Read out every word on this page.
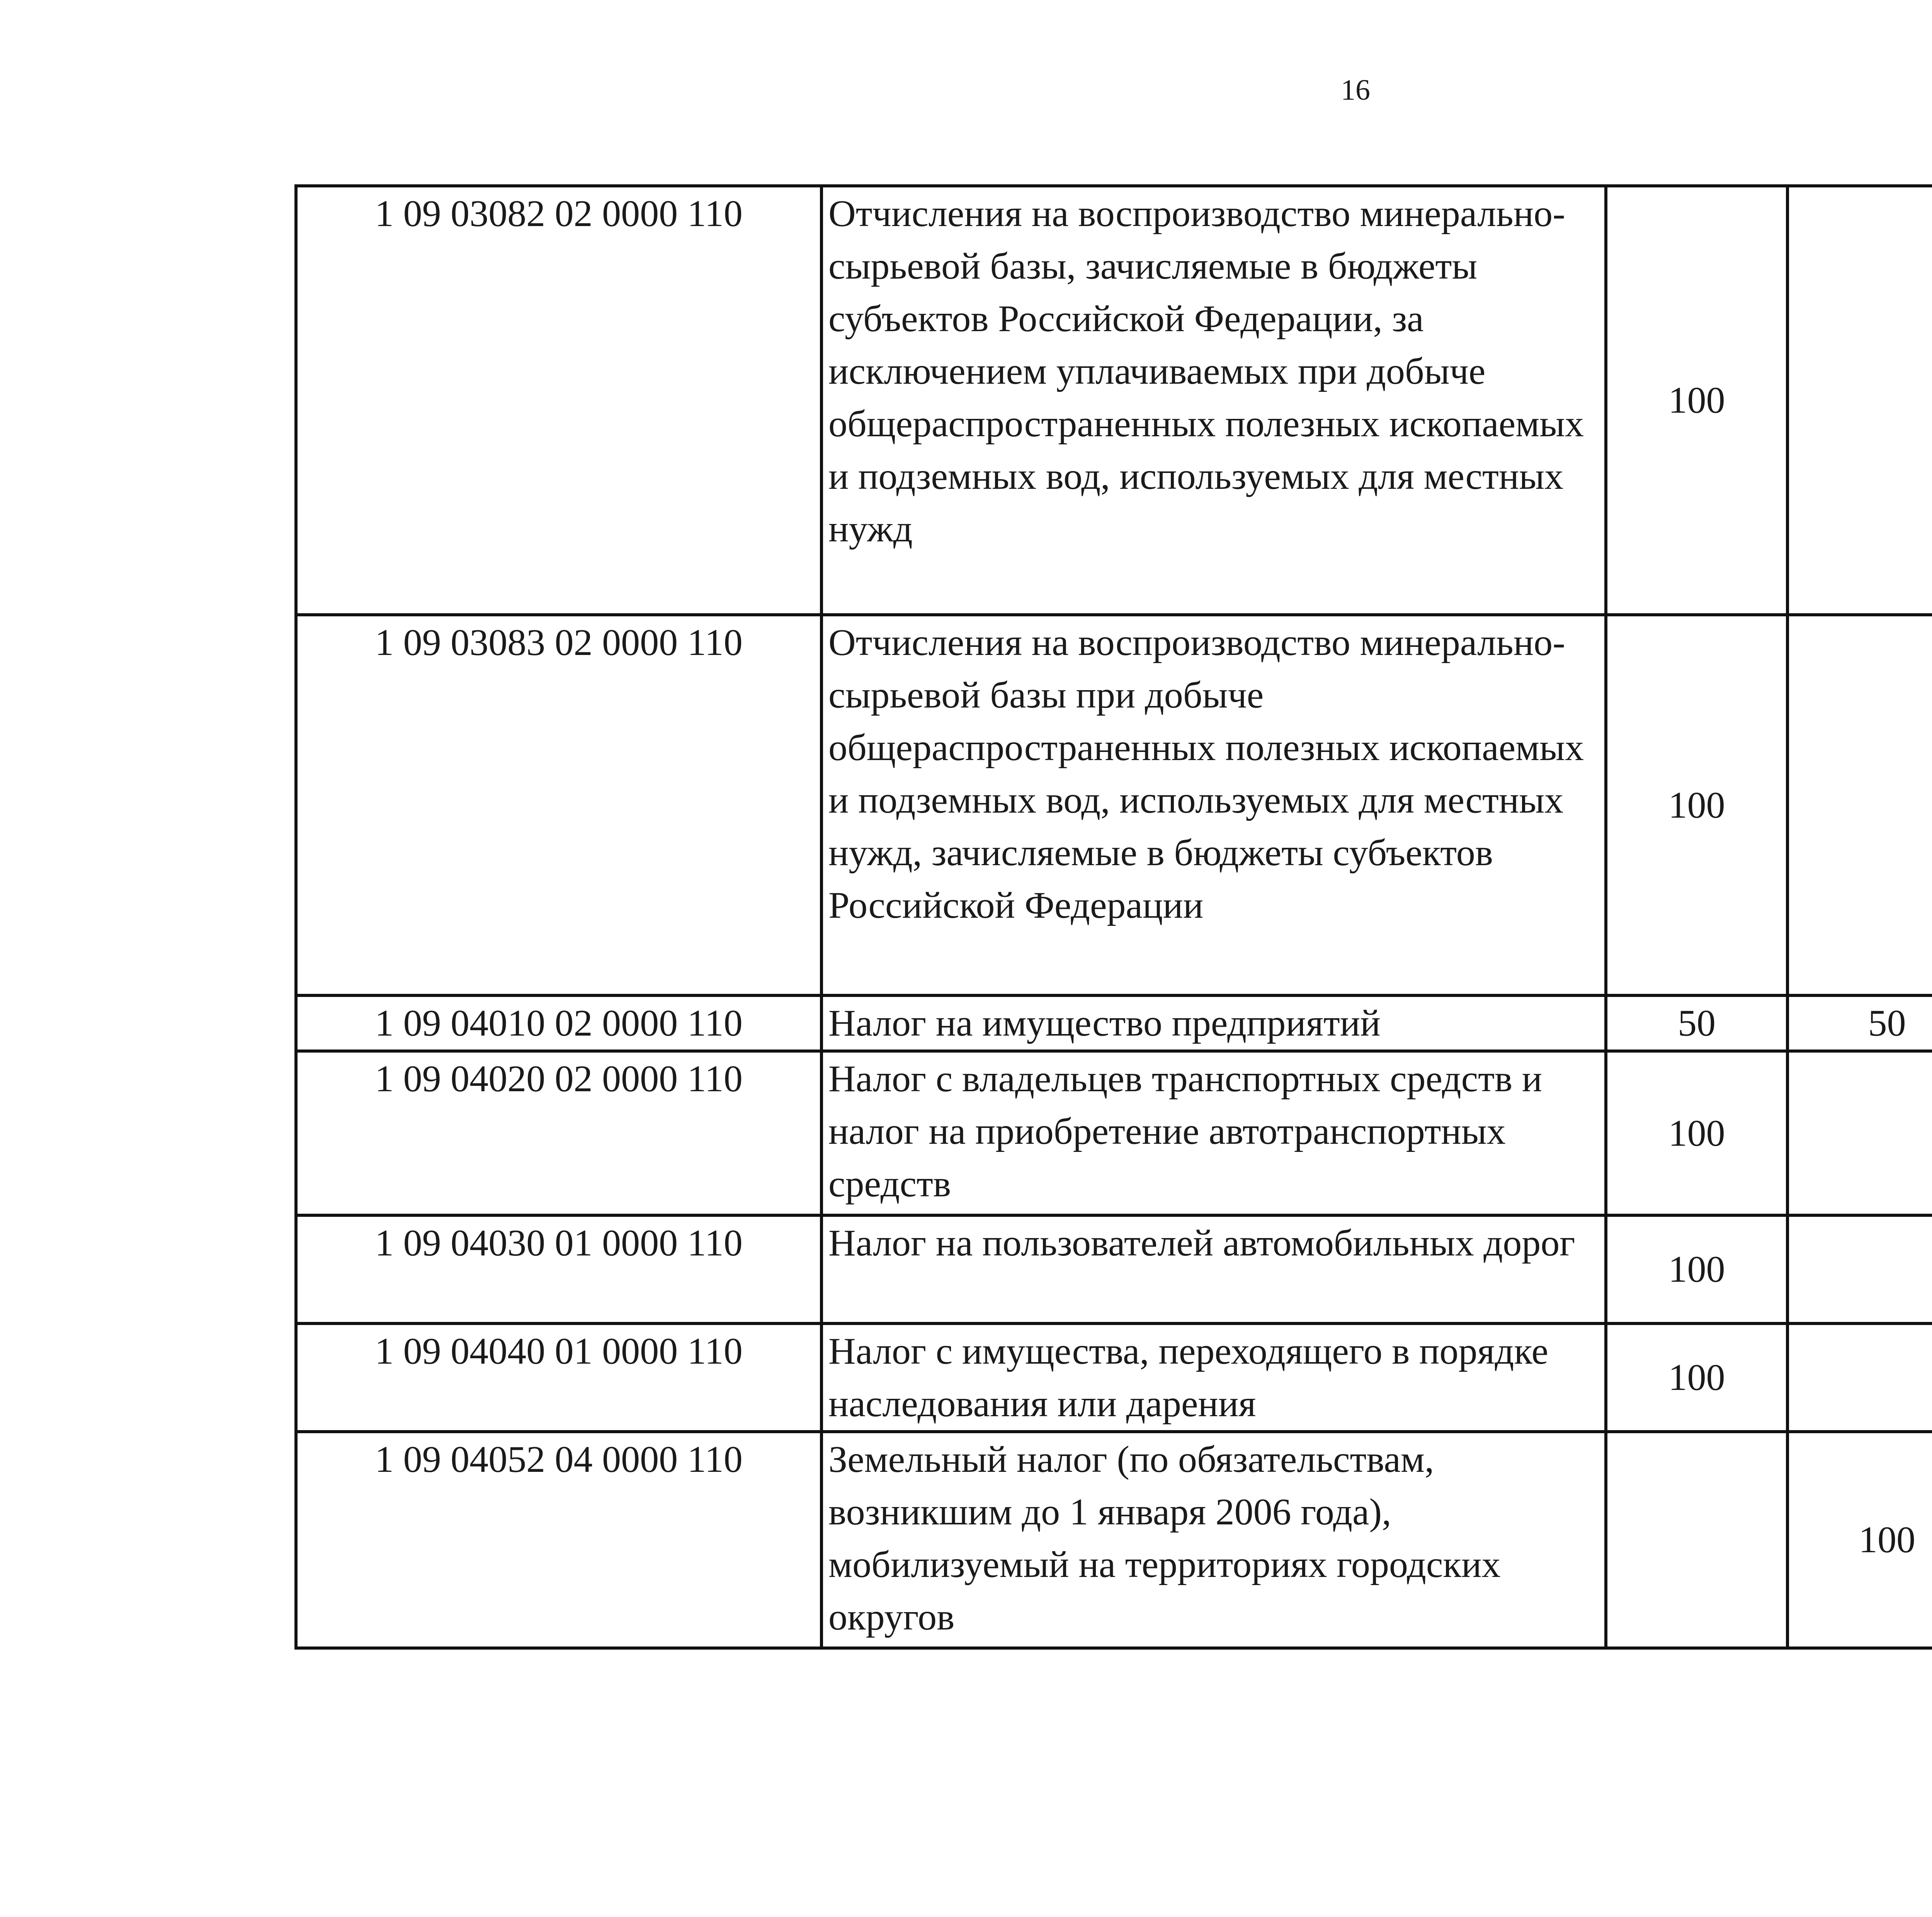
16
1 09 03082 02 0000 110	Отчисления на воспроизводство минерально-сырьевой базы, зачисляемые в бюджеты субъектов Российской Федерации, за исключением уплачиваемых при добыче общераспространенных полезных ископаемых и подземных вод, используемых для местных нужд	100				
1 09 03083 02 0000 110	Отчисления на воспроизводство минерально-сырьевой базы при добыче общераспространенных полезных ископаемых и подземных вод, используемых для местных нужд, зачисляемые в бюджеты субъектов Российской Федерации	100				
1 09 04010 02 0000 110	Налог на имущество предприятий	50	50			
1 09 04020 02 0000 110	Налог с владельцев транспортных средств и налог на приобретение автотранспортных средств	100				
1 09 04030 01 0000 110	Налог на пользователей автомобильных дорог	100				
1 09 04040 01 0000 110	Налог с имущества, переходящего в порядке наследования или дарения	100				
1 09 04052 04 0000 110	Земельный налог (по обязательствам, возникшим до 1 января 2006 года), мобилизуемый на территориях городских округов		100			
